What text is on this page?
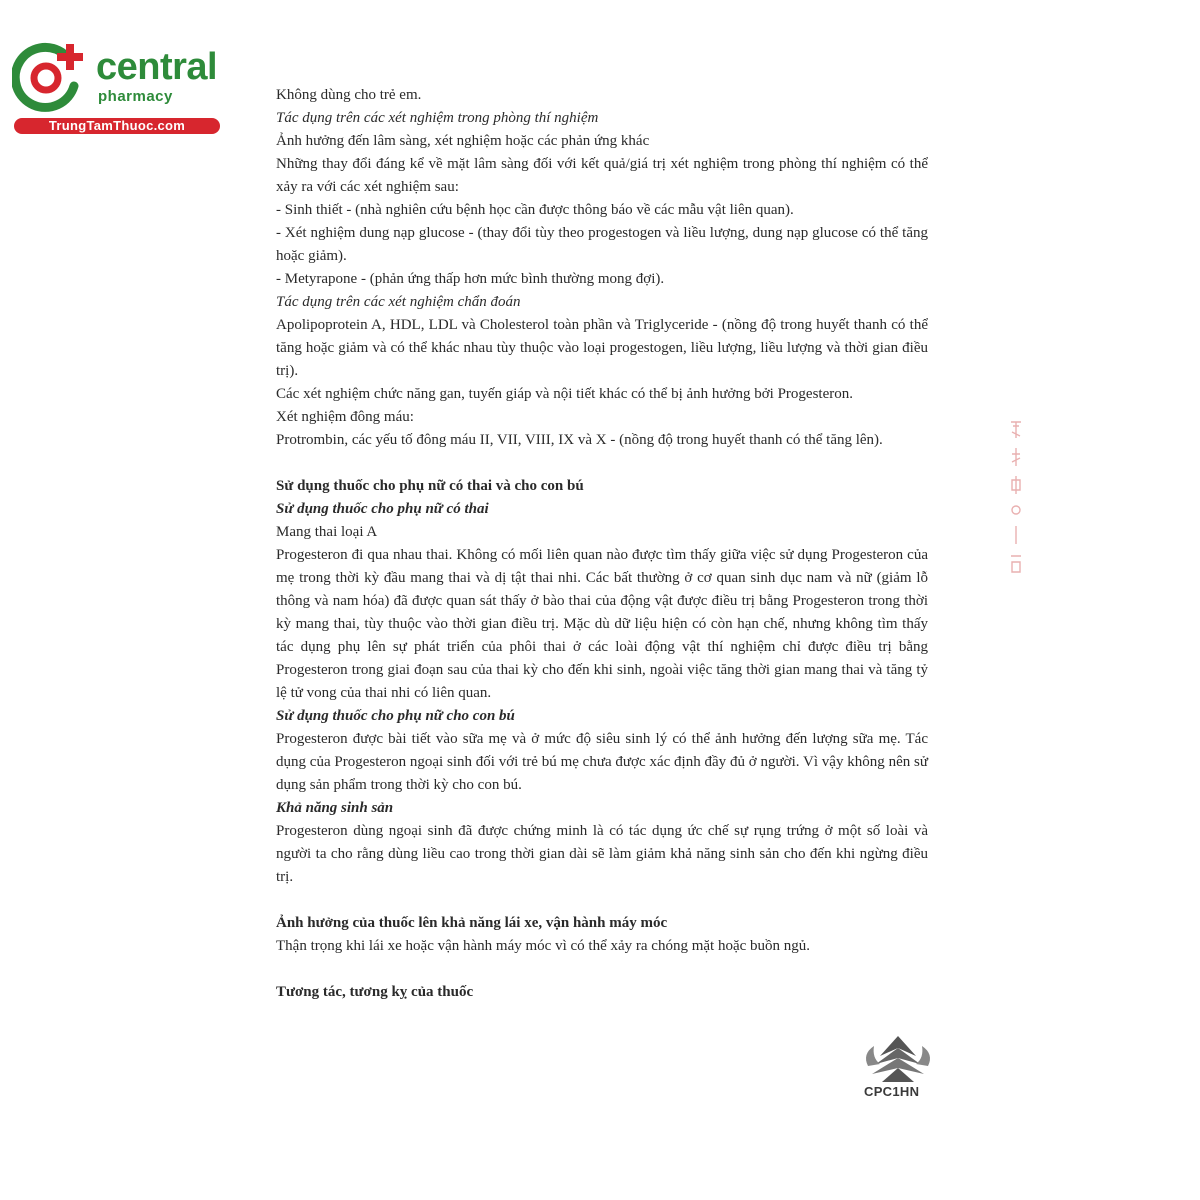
central
pharmacy
TrungTamThuoc.com

Không dùng cho trẻ em.

Tác dụng trên các xét nghiệm trong phòng thí nghiệm

Ảnh hưởng đến lâm sàng, xét nghiệm hoặc các phản ứng khác

Những thay đổi đáng kể về mặt lâm sàng đối với kết quả/giá trị xét nghiệm trong phòng thí nghiệm có thể xảy ra với các xét nghiệm sau:

- Sinh thiết - (nhà nghiên cứu bệnh học cần được thông báo về các mẫu vật liên quan).

- Xét nghiệm dung nạp glucose - (thay đổi tùy theo progestogen và liều lượng, dung nạp glucose có thể tăng hoặc giảm).

- Metyrapone - (phản ứng thấp hơn mức bình thường mong đợi).

Tác dụng trên các xét nghiệm chẩn đoán

Apolipoprotein A, HDL, LDL và Cholesterol toàn phần và Triglyceride - (nồng độ trong huyết thanh có thể tăng hoặc giảm và có thể khác nhau tùy thuộc vào loại progestogen, liều lượng, liều lượng và thời gian điều trị).

Các xét nghiệm chức năng gan, tuyến giáp và nội tiết khác có thể bị ảnh hưởng bởi Progesteron.

Xét nghiệm đông máu:

Protrombin, các yếu tố đông máu II, VII, VIII, IX và X - (nồng độ trong huyết thanh có thể tăng lên).

Sử dụng thuốc cho phụ nữ có thai và cho con bú

Sử dụng thuốc cho phụ nữ có thai

Mang thai loại A

Progesteron đi qua nhau thai. Không có mối liên quan nào được tìm thấy giữa việc sử dụng Progesteron của mẹ trong thời kỳ đầu mang thai và dị tật thai nhi. Các bất thường ở cơ quan sinh dục nam và nữ (giảm lỗ thông và nam hóa) đã được quan sát thấy ở bào thai của động vật được điều trị bằng Progesteron trong thời kỳ mang thai, tùy thuộc vào thời gian điều trị. Mặc dù dữ liệu hiện có còn hạn chế, nhưng không tìm thấy tác dụng phụ lên sự phát triển của phôi thai ở các loài động vật thí nghiệm chỉ được điều trị bằng Progesteron trong giai đoạn sau của thai kỳ cho đến khi sinh, ngoài việc tăng thời gian mang thai và tăng tỷ lệ tử vong của thai nhi có liên quan.

Sử dụng thuốc cho phụ nữ cho con bú

Progesteron được bài tiết vào sữa mẹ và ở mức độ siêu sinh lý có thể ảnh hưởng đến lượng sữa mẹ. Tác dụng của Progesteron ngoại sinh đối với trẻ bú mẹ chưa được xác định đầy đủ ở người. Vì vậy không nên sử dụng sản phẩm trong thời kỳ cho con bú.

Khả năng sinh sản

Progesteron dùng ngoại sinh đã được chứng minh là có tác dụng ức chế sự rụng trứng ở một số loài và người ta cho rằng dùng liều cao trong thời gian dài sẽ làm giảm khả năng sinh sản cho đến khi ngừng điều trị.

Ảnh hưởng của thuốc lên khả năng lái xe, vận hành máy móc

Thận trọng khi lái xe hoặc vận hành máy móc vì có thể xảy ra chóng mặt hoặc buồn ngủ.

Tương tác, tương kỵ của thuốc

CPC1HN
